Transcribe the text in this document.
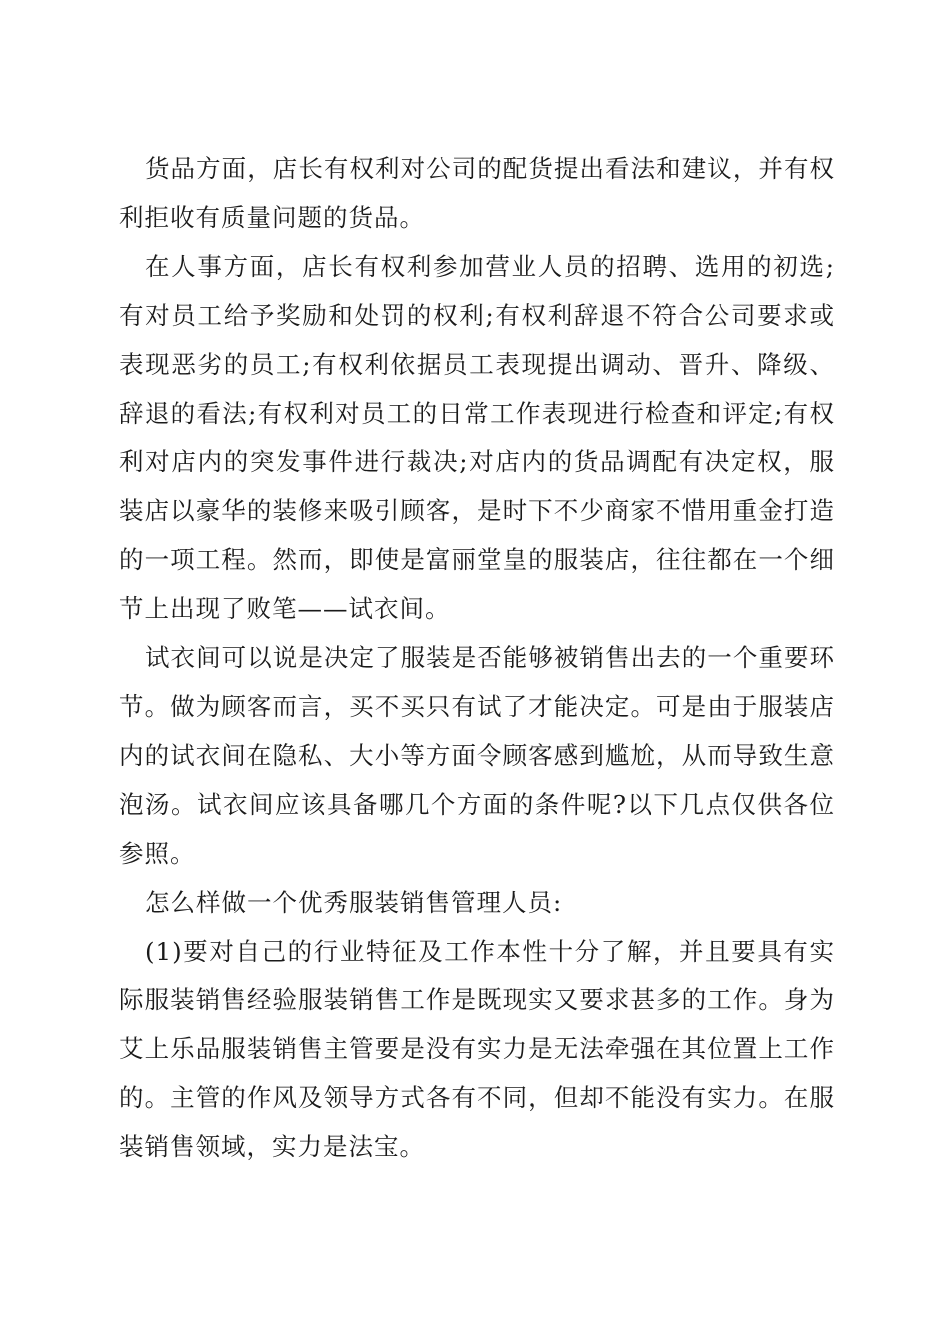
货品方面，店长有权利对公司的配货提出看法和建议，并有权利拒收有质量问题的货品。

在人事方面，店长有权利参加营业人员的招聘、选用的初选;有对员工给予奖励和处罚的权利;有权利辞退不符合公司要求或表现恶劣的员工;有权利依据员工表现提出调动、晋升、降级、辞退的看法;有权利对员工的日常工作表现进行检查和评定;有权利对店内的突发事件进行裁决;对店内的货品调配有决定权，服装店以豪华的装修来吸引顾客，是时下不少商家不惜用重金打造的一项工程。然而，即使是富丽堂皇的服装店，往往都在一个细节上出现了败笔——试衣间。

试衣间可以说是决定了服装是否能够被销售出去的一个重要环节。做为顾客而言，买不买只有试了才能决定。可是由于服装店内的试衣间在隐私、大小等方面令顾客感到尴尬，从而导致生意泡汤。试衣间应该具备哪几个方面的条件呢?以下几点仅供各位参照。

怎么样做一个优秀服装销售管理人员:

(1)要对自己的行业特征及工作本性十分了解，并且要具有实际服装销售经验服装销售工作是既现实又要求甚多的工作。身为艾上乐品服装销售主管要是没有实力是无法牵强在其位置上工作的。主管的作风及领导方式各有不同，但却不能没有实力。在服装销售领域，实力是法宝。
